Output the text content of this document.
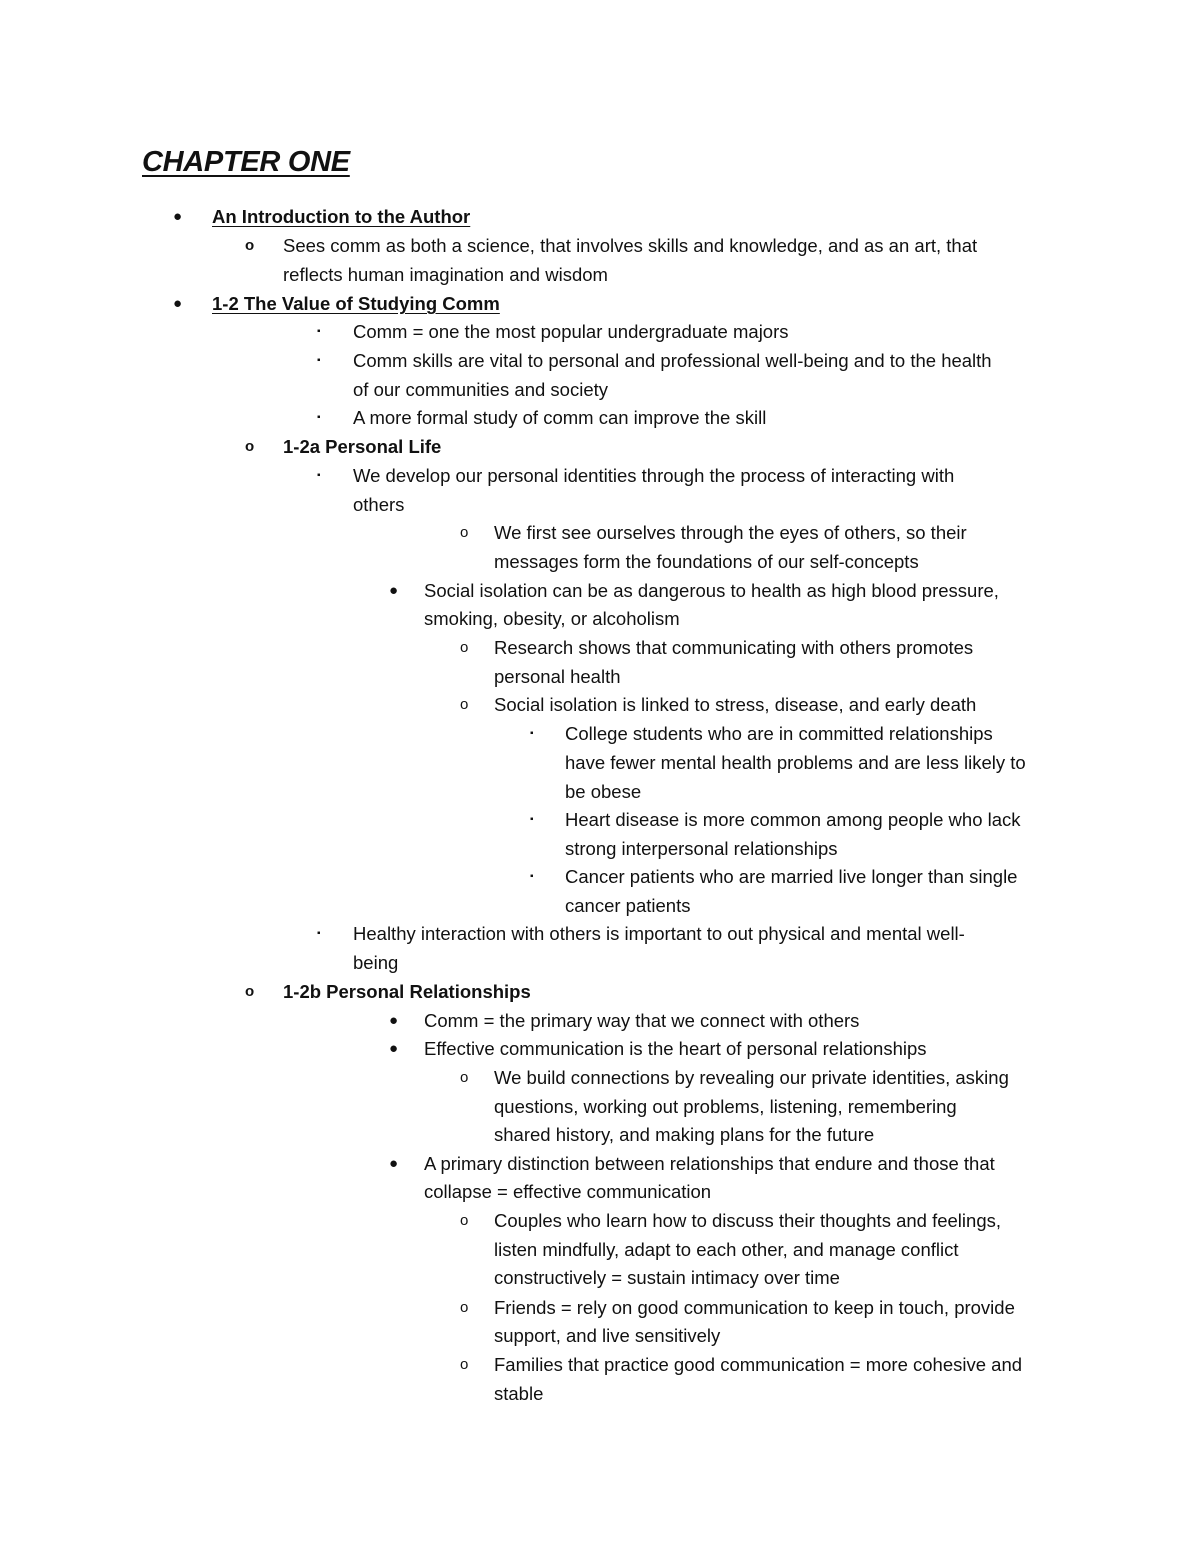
CHAPTER ONE
● An Introduction to the Author
o Sees comm as both a science, that involves skills and knowledge, and as an art, that
reflects human imagination and wisdom
● 1-2 The Value of Studying Comm
▪ Comm = one the most popular undergraduate majors
▪ Comm skills are vital to personal and professional well-being and to the health
of our communities and society
▪ A more formal study of comm can improve the skill
o 1-2a Personal Life
▪ We develop our personal identities through the process of interacting with
others
o We first see ourselves through the eyes of others, so their
messages form the foundations of our self-concepts
● Social isolation can be as dangerous to health as high blood pressure,
smoking, obesity, or alcoholism
o Research shows that communicating with others promotes
personal health
o Social isolation is linked to stress, disease, and early death
▪ College students who are in committed relationships
have fewer mental health problems and are less likely to
be obese
▪ Heart disease is more common among people who lack
strong interpersonal relationships
▪ Cancer patients who are married live longer than single
cancer patients
▪ Healthy interaction with others is important to out physical and mental well-
being
o 1-2b Personal Relationships
● Comm = the primary way that we connect with others
● Effective communication is the heart of personal relationships
o We build connections by revealing our private identities, asking
questions, working out problems, listening, remembering
shared history, and making plans for the future
● A primary distinction between relationships that endure and those that
collapse = effective communication
o Couples who learn how to discuss their thoughts and feelings,
listen mindfully, adapt to each other, and manage conflict
constructively = sustain intimacy over time
o Friends = rely on good communication to keep in touch, provide
support, and live sensitively
o Families that practice good communication = more cohesive and
stable
